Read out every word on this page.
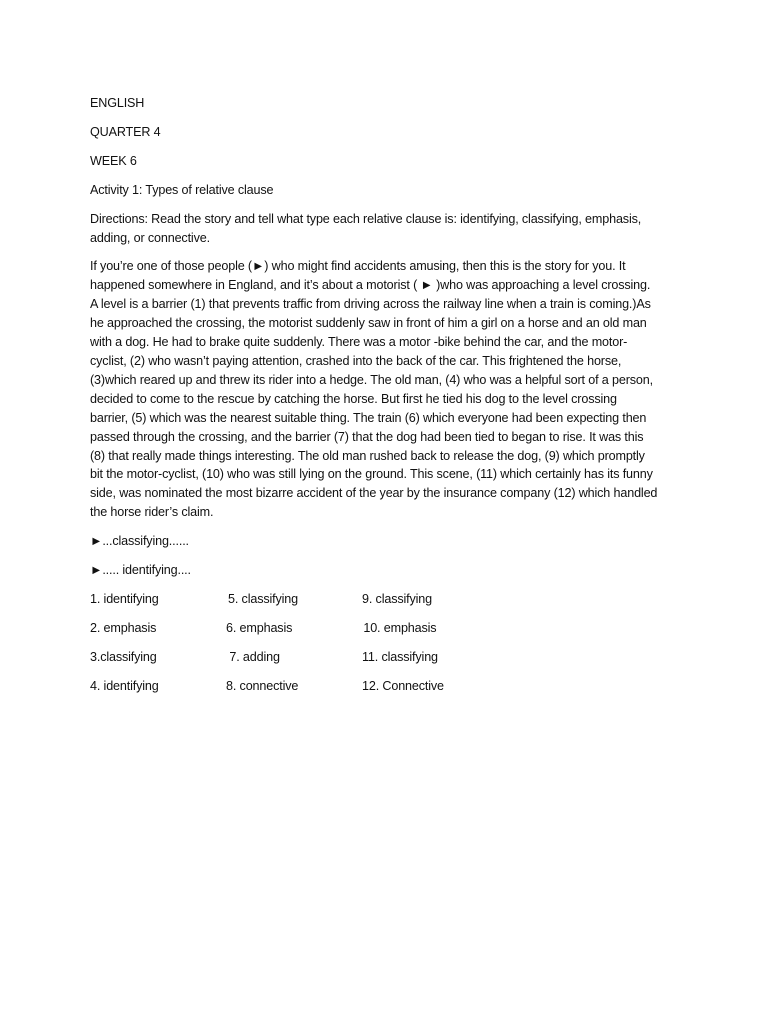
ENGLISH
QUARTER 4
WEEK 6
Activity 1: Types of relative clause
Directions: Read the story and tell what type each relative clause is: identifying, classifying, emphasis,
adding, or connective.
If you’re one of those people (►) who might find accidents amusing, then this is the story for you. It
happened somewhere in England, and it’s about a motorist ( ► )who was approaching a level crossing.
A level is a barrier (1) that prevents traffic from driving across the railway line when a train is coming.)As
he approached the crossing, the motorist suddenly saw in front of him a girl on a horse and an old man
with a dog. He had to brake quite suddenly. There was a motor -bike behind the car, and the motor-
cyclist, (2) who wasn’t paying attention, crashed into the back of the car. This frightened the horse,
(3)which reared up and threw its rider into a hedge. The old man, (4) who was a helpful sort of a person,
decided to come to the rescue by catching the horse. But first he tied his dog to the level crossing
barrier, (5) which was the nearest suitable thing. The train (6) which everyone had been expecting then
passed through the crossing, and the barrier (7) that the dog had been tied to began to rise. It was this
(8) that really made things interesting. The old man rushed back to release the dog, (9) which promptly
bit the motor-cyclist, (10) who was still lying on the ground. This scene, (11) which certainly has its funny
side, was nominated the most bizarre accident of the year by the insurance company (12) which handled
the horse rider’s claim.
►...classifying......
►..... identifying....
1. identifying	5. classifying	9. classifying
2. emphasis	6. emphasis	10. emphasis
3.classifying	7. adding	11. classifying
4. identifying	8. connective	12. Connective
